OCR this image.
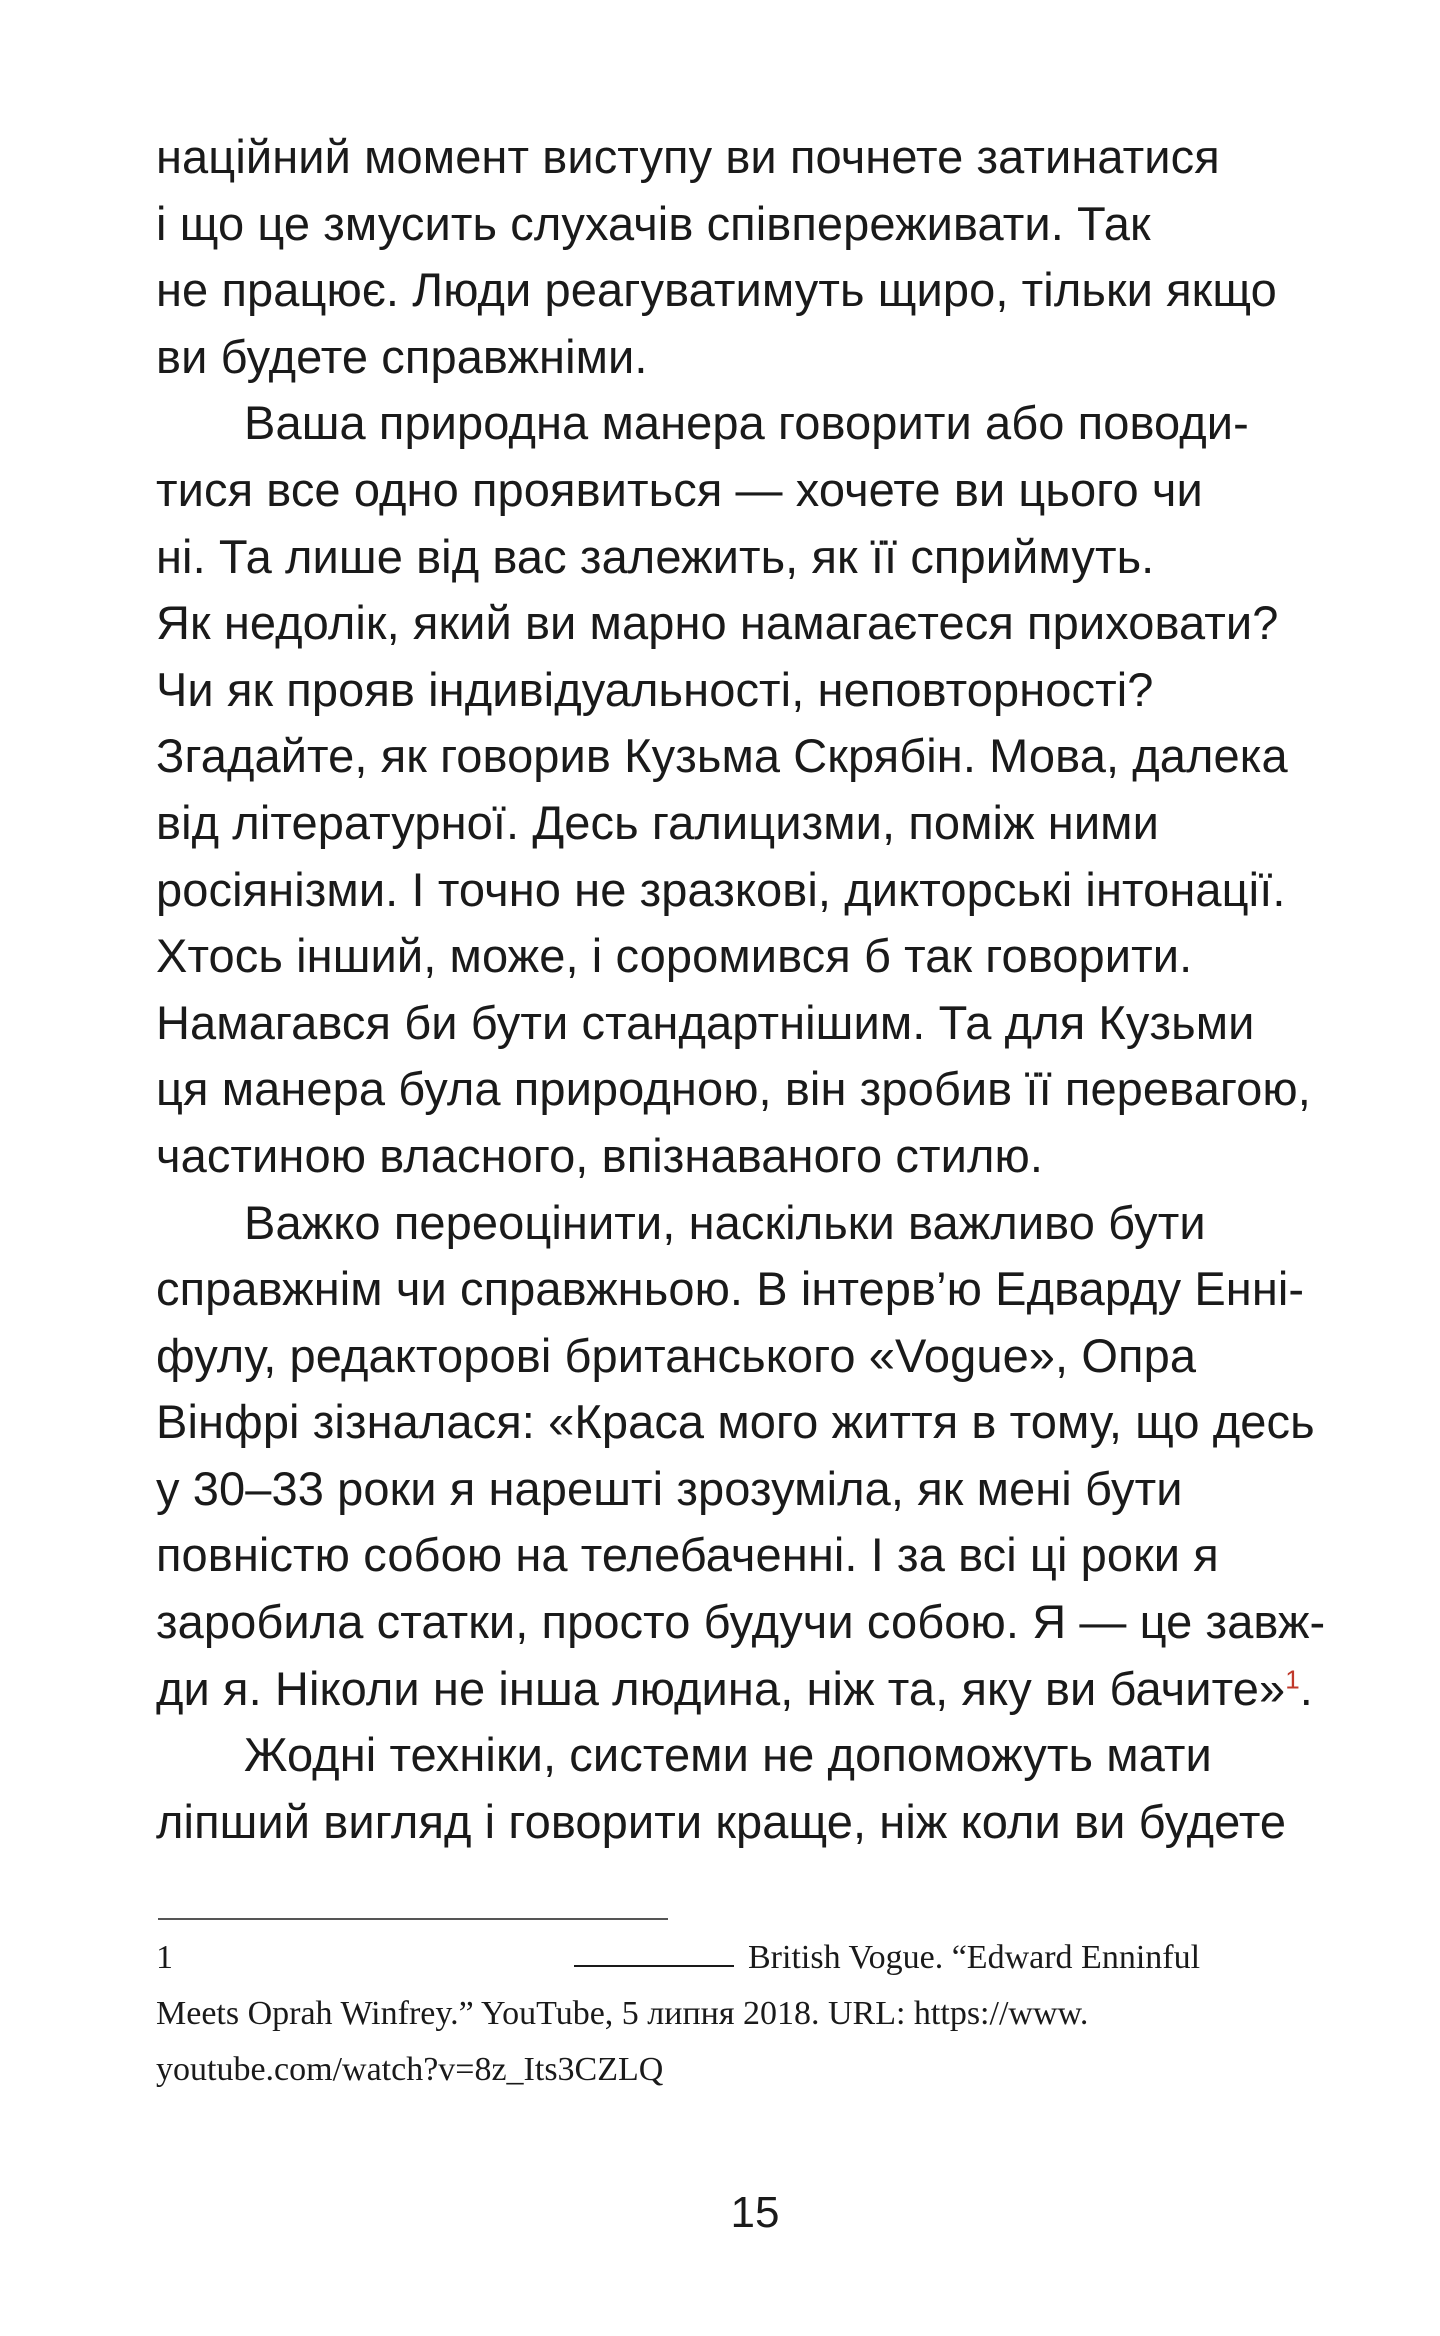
наційний момент виступу ви почнете затинатися
і що це змусить слухачів співпереживати. Так
не працює. Люди реагуватимуть щиро, тільки якщо
ви будете справжніми.
Ваша природна манера говорити або поводи-
тися все одно проявиться — хочете ви цього чи
ні. Та лише від вас залежить, як її сприймуть.
Як недолік, який ви марно намагаєтеся приховати?
Чи як прояв індивідуальності, неповторності?
Згадайте, як говорив Кузьма Скрябін. Мова, далека
від літературної. Десь галицизми, поміж ними
росіянізми. І точно не зразкові, дикторські інтонації.
Хтось інший, може, і соромився б так говорити.
Намагався би бути стандартнішим. Та для Кузьми
ця манера була природною, він зробив її перевагою,
частиною власного, впізнаваного стилю.
Важко переоцінити, наскільки важливо бути
справжнім чи справжньою. В інтерв’ю Едварду Енні-
фулу, редакторові британського «Vogue», Опра
Вінфрі зізналася: «Краса мого життя в тому, що десь
у 30–33 роки я нарешті зрозуміла, як мені бути
повністю собою на телебаченні. І за всі ці роки я
заробила статки, просто будучи собою. Я — це завж-
ди я. Ніколи не інша людина, ніж та, яку ви бачите»$^1$.
Жодні техніки, системи не допоможуть мати
ліпший вигляд і говорити краще, ніж коли ви будете
1	British Vogue. “Edward Enninful
Meets Oprah Winfrey.” YouTube, 5 липня 2018. URL: https://www.
youtube.com/watch?v=8z_Its3CZLQ
15
